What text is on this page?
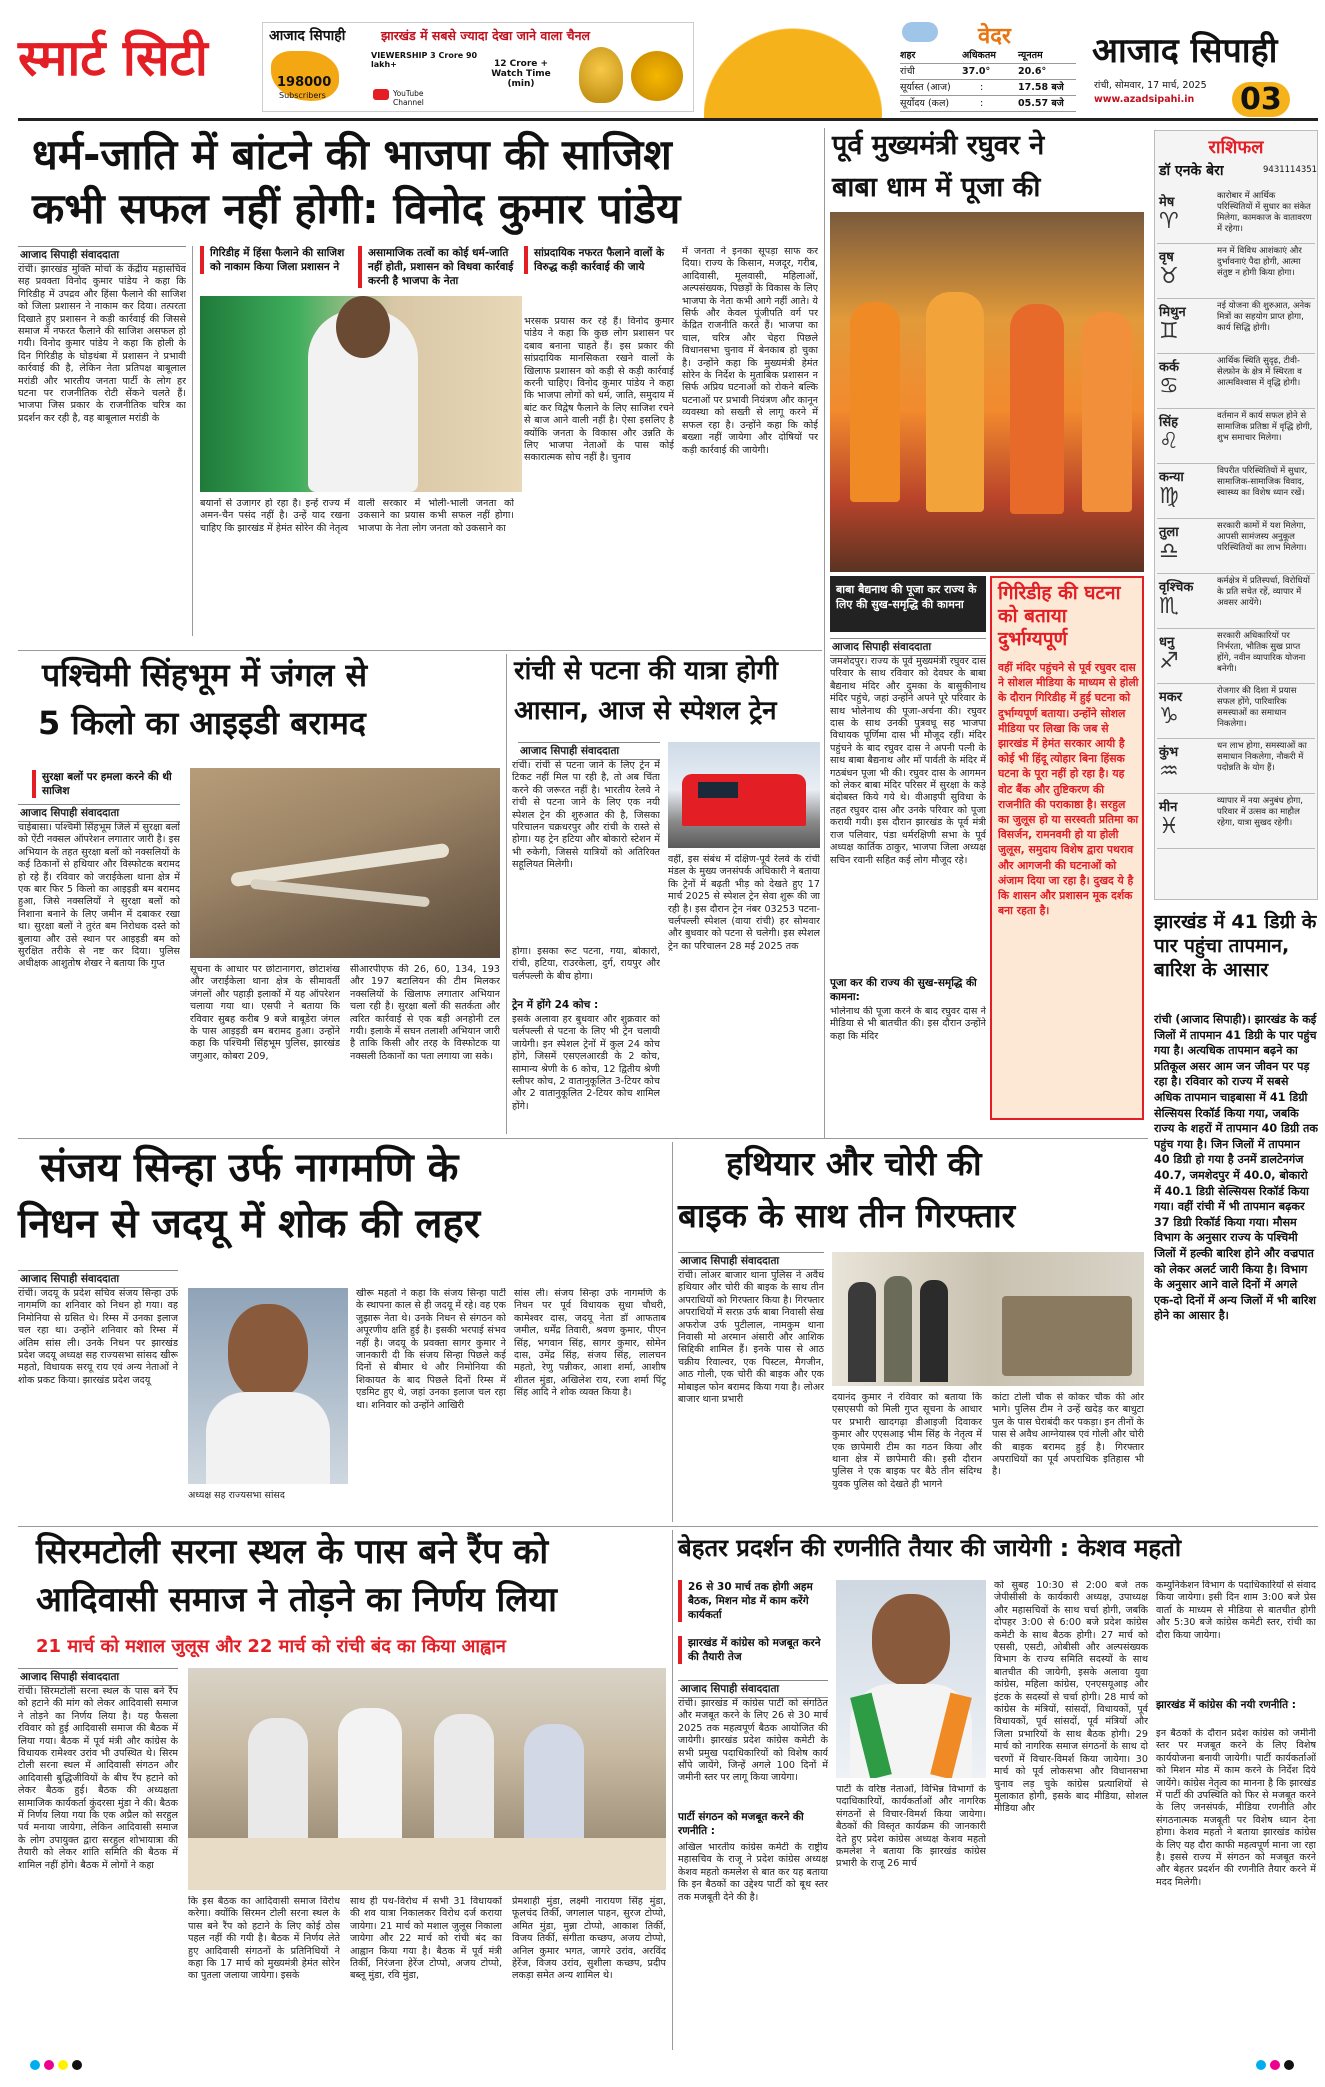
स्मार्ट सिटी	आजाद सिपाही	झारखंड में सबसे ज्यादा देखा जाने वाला चैनल
198000
Subscribers
VIEWERSHIP 3 Crore 90 lakh+	12 Crore + Watch Time (min)
YouTube Channel
वेदर
शहर	अधिकतम	न्यूनतम
रांची	37.0°	20.6°
सूर्यास्त (आज)	:	17.58 बजे
सूर्योदय (कल)	:	05.57 बजे
आजाद सिपाही
रांची, सोमवार, 17 मार्च, 2025
www.azadsipahi.in 03
धर्म-जाति में बांटने की भाजपा की साजिश
कभी सफल नहीं होगी: विनोद कुमार पांडेय
आजाद सिपाही संवाददाता
रांची। झारखंड मुक्ति मोर्चा के केंद्रीय महासचिव सह प्रवक्ता विनोद कुमार पांडेय ने कहा कि गिरिडीह में उपद्रव और हिंसा फैलाने की साजिश को जिला प्रशासन ने नाकाम कर दिया। तत्परता दिखाते हुए प्रशासन ने कड़ी कार्रवाई की जिससे समाज में नफरत फैलाने की साजिश असफल हो गयी। विनोद कुमार पांडेय ने कहा कि होली के दिन गिरिडीह के घोड़थंबा में प्रशासन ने प्रभावी कार्रवाई की है, लेकिन नेता प्रतिपक्ष बाबूलाल मरांडी और भारतीय जनता पार्टी के लोग हर घटना पर राजनीतिक रोटी सेंकने चलते हैं। भाजपा जिस प्रकार के राजनीतिक चरित्र का प्रदर्शन कर रही है, वह बाबूलाल मरांडी के
गिरिडीह में हिंसा फैलाने की साजिश को नाकाम किया जिला प्रशासन ने
असामाजिक तत्वों का कोई धर्म-जाति नहीं होती, प्रशासन को विधवा कार्रवाई करनी है भाजपा के नेता
सांप्रदायिक नफरत फैलाने वालों के विरुद्ध कड़ी कार्रवाई की जाये
बयानों से उजागर हो रहा है। इन्हें राज्य में अमन-चैन पसंद नहीं है। उन्हें याद रखना चाहिए कि झारखंड में हेमंत सोरेन की नेतृत्व
वाली सरकार में भोली-भाली जनता को उकसाने का प्रयास कभी सफल नहीं होगा। भाजपा के नेता लोग जनता को उकसाने का
भरसक प्रयास कर रहे हैं। विनोद कुमार पांडेय ने कहा कि कुछ लोग प्रशासन पर दबाव बनाना चाहते हैं। इस प्रकार की सांप्रदायिक मानसिकता रखने वालों के खिलाफ प्रशासन को कड़ी से कड़ी कार्रवाई करनी चाहिए। विनोद कुमार पांडेय ने कहा कि भाजपा लोगों को धर्म, जाति, समुदाय में बांट कर विद्वेष फैलाने के लिए साजिश रचने से बाज आने वाली नहीं है। ऐसा इसलिए है क्योंकि जनता के विकास और उन्नति के लिए भाजपा नेताओं के पास कोई सकारात्मक सोच नहीं है। चुनाव
में जनता ने इनका सूपड़ा साफ कर दिया। राज्य के किसान, मजदूर, गरीब, आदिवासी, मूलवासी, महिलाओं, अल्पसंख्यक, पिछड़ों के विकास के लिए भाजपा के नेता कभी आगे नहीं आते। ये सिर्फ और केवल पूंजीपति वर्ग पर केंद्रित राजनीति करते हैं। भाजपा का चाल, चरित्र और चेहरा पिछले विधानसभा चुनाव में बेनकाब हो चुका है। उन्होंने कहा कि मुख्यमंत्री हेमंत सोरेन के निर्देश के मुताबिक प्रशासन न सिर्फ अप्रिय घटनाओं को रोकने बल्कि घटनाओं पर प्रभावी नियंत्रण और कानून व्यवस्था को सख्ती से लागू करने में सफल रहा है। उन्होंने कहा कि कोई बख्शा नहीं जायेगा और दोषियों पर कड़ी कार्रवाई की जायेगी।
पूर्व मुख्यमंत्री रघुवर ने
बाबा धाम में पूजा की
बाबा बैद्यनाथ की पूजा कर राज्य के लिए की सुख-समृद्धि की कामना
गिरिडीह की घटना को बताया दुर्भाग्यपूर्ण
वहीं मंदिर पहुंचने से पूर्व रघुवर दास ने सोशल मीडिया के माध्यम से होली के दौरान गिरिडीह में हुई घटना को दुर्भाग्यपूर्ण बताया। उन्होंने सोशल मीडिया पर लिखा कि जब से झारखंड में हेमंत सरकार आयी है कोई भी हिंदू त्योहार बिना हिंसक घटना के पूरा नहीं हो रहा है। यह वोट बैंक और तुष्टिकरण की राजनीति की पराकाष्ठा है। सरहुल का जुलूस हो या सरस्वती प्रतिमा का विसर्जन, रामनवमी हो या होली जुलूस, समुदाय विशेष द्वारा पथराव और आगजनी की घटनाओं को अंजाम दिया जा रहा है। दुखद ये है कि शासन और प्रशासन मूक दर्शक बना रहता है।
आजाद सिपाही संवाददाता
जमशेदपुर। राज्य के पूर्व मुख्यमंत्री रघुवर दास परिवार के साथ रविवार को देवघर के बाबा बैद्यनाथ मंदिर और दुमका के बासुकीनाथ मंदिर पहुंचे, जहां उन्होंने अपने पूरे परिवार के साथ भोलेनाथ की पूजा-अर्चना की। रघुवर दास के साथ उनकी पुत्रवधू सह भाजपा विधायक पूर्णिमा दास भी मौजूद रहीं। मंदिर पहुंचने के बाद रघुवर दास ने अपनी पत्नी के साथ बाबा बैद्यनाथ और माँ पार्वती के मंदिर में गठबंधन पूजा भी की। रघुवर दास के आगमन को लेकर बाबा मंदिर परिसर में सुरक्षा के कड़े बंदोबस्त किये गये थे। वीआइपी सुविधा के तहत रघुवर दास और उनके परिवार को पूजा करायी गयी। इस दौरान झारखंड के पूर्व मंत्री राज पलिवार, पंडा धर्मरक्षिणी सभा के पूर्व अध्यक्ष कार्तिक ठाकुर, भाजपा जिला अध्यक्ष सचिन रवानी सहित कई लोग मौजूद रहे।
पूजा कर की राज्य की सुख-समृद्धि की कामना:
भोलेनाथ की पूजा करने के बाद रघुवर दास ने मीडिया से भी बातचीत की। इस दौरान उन्होंने कहा कि मंदिर
राशिफल
डॉ एनके बेरा	9431114351
मेष
♈
कारोबार में आर्थिक परिस्थितियों में सुधार का संकेत मिलेगा, कामकाज के वातावरण में रहेगा।
वृष
♉
मन में विविध आशंकाएं और दुर्भावनाएं पैदा होगी, आत्मा संतुष्ट न होगी किया होगा।
मिथुन
♊
नई योजना की शुरुआत, अनेक मित्रों का सहयोग प्राप्त होगा, कार्य सिद्धि होगी।
कर्क
♋
आर्थिक स्थिति सुदृढ़, टीवी-सेल्फ़ोन के क्षेत्र में स्थिरता व आत्मविश्वास में वृद्धि होगी।
सिंह
♌
वर्तमान में कार्य सफल होने से सामाजिक प्रतिष्ठा में वृद्धि होगी, शुभ समाचार मिलेगा।
कन्या
♍
विपरीत परिस्थितियों में सुधार, सामाजिक-सामाजिक विवाद, स्वास्थ्य का विशेष ध्यान रखें।
तुला
♎
सरकारी कामों में यश मिलेगा, आपसी सामंजस्य अनुकूल परिस्थितियों का लाभ मिलेगा।
वृश्चिक
♏
कर्मक्षेत्र में प्रतिस्पर्धा, विरोधियों के प्रति सचेत रहें, व्यापार में अवसर आयेंगे।
धनु
♐
सरकारी अधिकारियों पर निर्भरता, भौतिक सुख प्राप्त होंगे, नवीन व्यापारिक योजना बनेगी।
मकर
♑
रोजगार की दिशा में प्रयास सफल होंगे, पारिवारिक समस्याओं का समाधान निकलेगा।
कुंभ
♒
धन लाभ होगा, समस्याओं का समाधान निकलेगा, नौकरी में पदोन्नति के योग हैं।
मीन
♓
व्यापार में नया अनुबंध होगा, परिवार में उत्सव का माहौल रहेगा, यात्रा सुखद रहेगी।
झारखंड में 41 डिग्री के पार पहुंचा तापमान, बारिश के आसार
रांची (आजाद सिपाही)। झारखंड के कई जिलों में तापमान 41 डिग्री के पार पहुंच गया है। अत्यधिक तापमान बढ़ने का प्रतिकूल असर आम जन जीवन पर पड़ रहा है। रविवार को राज्य में सबसे अधिक तापमान चाइबासा में 41 डिग्री सेल्सियस रिकॉर्ड किया गया, जबकि राज्य के शहरों में तापमान 40 डिग्री तक पहुंच गया है। जिन जिलों में तापमान 40 डिग्री हो गया है उनमें डालटेनगंज 40.7, जमशेदपुर में 40.0, बोकारो में 40.1 डिग्री सेल्सियस रिकॉर्ड किया गया। वहीं रांची में भी तापमान बढ़कर 37 डिग्री रिकॉर्ड किया गया। मौसम विभाग के अनुसार राज्य के पश्चिमी जिलों में हल्की बारिश होने और वज्रपात को लेकर अलर्ट जारी किया है। विभाग के अनुसार आने वाले दिनों में अगले एक-दो दिनों में अन्य जिलों में भी बारिश होने का आसार है।
पश्चिमी सिंहभूम में जंगल से
5 किलो का आइइडी बरामद
सुरक्षा बलों पर हमला करने की थी साजिश
आजाद सिपाही संवाददाता
चाईबासा। पश्चिमी सिंहभूम जिले में सुरक्षा बलों को ऐंटी नक्सल ऑपरेशन लगातार जारी है। इस अभियान के तहत सुरक्षा बलों को नक्सलियों के कई ठिकानों से हथियार और विस्फोटक बरामद हो रहे हैं। रविवार को जराईकेला थाना क्षेत्र में एक बार फिर 5 किलो का आइइडी बम बरामद हुआ, जिसे नक्सलियों ने सुरक्षा बलों को निशाना बनाने के लिए जमीन में दबाकर रखा था। सुरक्षा बलों ने तुरंत बम निरोधक दस्ते को बुलाया और उसे स्थान पर आइइडी बम को सुरक्षित तरीके से नष्ट कर दिया। पुलिस अधीक्षक आशुतोष शेखर ने बताया कि गुप्त
सूचना के आधार पर छोटानागरा, छोटाशंख और जराईकेला थाना क्षेत्र के सीमावर्ती जंगलों और पहाड़ी इलाकों में यह ऑपरेशन चलाया गया था। एसपी ने बताया कि रविवार सुबह करीब 9 बजे बाबूडेरा जंगल के पास आइइडी बम बरामद हुआ। उन्होंने कहा कि पश्चिमी सिंहभूम पुलिस, झारखंड जगुआर, कोबरा 209,
सीआरपीएफ की 26, 60, 134, 193 और 197 बटालियन की टीम मिलकर नक्सलियों के खिलाफ लगातार अभियान चला रही है। सुरक्षा बलों की सतर्कता और त्वरित कार्रवाई से एक बड़ी अनहोनी टल गयी। इलाके में सघन तलाशी अभियान जारी है ताकि किसी और तरह के विस्फोटक या नक्सली ठिकानों का पता लगाया जा सके।
रांची से पटना की यात्रा होगी
आसान, आज से स्पेशल ट्रेन
आजाद सिपाही संवाददाता
रांची। रांची से पटना जाने के लिए ट्रेन में टिकट नहीं मिल पा रही है, तो अब चिंता करने की जरूरत नहीं है। भारतीय रेलवे ने रांची से पटना जाने के लिए एक नयी स्पेशल ट्रेन की शुरुआत की है, जिसका परिचालन चक्रधरपुर और रांची के रास्ते से होगा। यह ट्रेन हटिया और बोकारो स्टेशन में भी रुकेगी, जिससे यात्रियों को अतिरिक्त सहूलियत मिलेगी।
होगा। इसका रूट पटना, गया, बोकारो, रांची, हटिया, राउरकेला, दुर्ग, रायपुर और चर्लपल्ली के बीच होगा।
ट्रेन में होंगे 24 कोच :
इसके अलावा हर बुधवार और शुक्रवार को चर्लपल्ली से पटना के लिए भी ट्रेन चलायी जायेगी। इन स्पेशल ट्रेनों में कुल 24 कोच होंगे, जिसमें एसएलआरडी के 2 कोच, सामान्य श्रेणी के 6 कोच, 12 द्वितीय श्रेणी स्लीपर कोच, 2 वातानुकूलित 3-टियर कोच और 2 वातानुकूलित 2-टियर कोच शामिल होंगे।
वहीं, इस संबंध में दक्षिण-पूर्व रेलवे के रांची मंडल के मुख्य जनसंपर्क अधिकारी ने बताया कि ट्रेनों में बढ़ती भीड़ को देखते हुए 17 मार्च 2025 से स्पेशल ट्रेन सेवा शुरू की जा रही है। इस दौरान ट्रेन नंबर 03253 पटना-चर्लपल्ली स्पेशल (वाया रांची) हर सोमवार और बुधवार को पटना से चलेगी। इस स्पेशल ट्रेन का परिचालन 28 मई 2025 तक
संजय सिन्हा उर्फ नागमणि के
निधन से जदयू में शोक की लहर
आजाद सिपाही संवाददाता
रांची। जदयू के प्रदेश सचिव संजय सिन्हा उर्फ नागमणि का शनिवार को निधन हो गया। वह निमोनिया से ग्रसित थे। रिम्स में उनका इलाज चल रहा था। उन्होंने शनिवार को रिम्स में अंतिम सांस ली। उनके निधन पर झारखंड प्रदेश जदयू अध्यक्ष सह राज्यसभा सांसद खीरू महतो, विधायक सरयू राय एवं अन्य नेताओं ने शोक प्रकट किया। झारखंड प्रदेश जदयू
अध्यक्ष सह राज्यसभा सांसद
खीरू महतो ने कहा कि संजय सिन्हा पार्टी के स्थापना काल से ही जदयू में रहे। वह एक जुझारू नेता थे। उनके निधन से संगठन को अपूरणीय क्षति हुई है। इसकी भरपाई संभव नहीं है। जदयू के प्रवक्ता सागर कुमार ने जानकारी दी कि संजय सिन्हा पिछले कई दिनों से बीमार थे और निमोनिया की शिकायत के बाद पिछले दिनों रिम्स में एडमिट हुए थे, जहां उनका इलाज चल रहा था। शनिवार को उन्होंने आखिरी
सांस ली। संजय सिन्हा उर्फ नागमणि के निधन पर पूर्व विधायक सुधा चौधरी, कामेश्वर दास, जदयू नेता डॉ आफताब जमील, धर्मेंद्र तिवारी, श्रवण कुमार, पीएन सिंह, भगवान सिंह, सागर कुमार, सोमेन दास, उमेंद्र सिंह, संजय सिंह, लालचन महतो, रेणु पन्नीकर, आशा शर्मा, आशीष शीतल मुंडा, अखिलेश राय, रजा शर्मा पिंटू सिंह आदि ने शोक व्यक्त किया है।
हथियार और चोरी की
बाइक के साथ तीन गिरफ्तार
आजाद सिपाही संवाददाता
रांची। लोअर बाजार थाना पुलिस ने अवैध हथियार और चोरी की बाइक के साथ तीन अपराधियों को गिरफ्तार किया है। गिरफ्तार अपराधियों में सरफ़ उर्फ बाबा निवासी सेख अफरोज उर्फ पुटीलाल, नामकुम थाना निवासी मो अरमान अंसारी और आशिक सिद्दिकी शामिल हैं। इनके पास से आठ चक्रीय रिवाल्वर, एक पिस्टल, मैगजीन, आठ गोली, एक चोरी की बाइक और एक मोबाइल फोन बरामद किया गया है। लोअर बाजार थाना प्रभारी	दयानंद कुमार ने रविवार को बताया कि एसएसपी को मिली गुप्त सूचना के आधार पर प्रभारी खादगढ़ा डीआइजी दिवाकर कुमार और एएसआइ भीम सिंह के नेतृत्व में एक छापेमारी टीम का गठन किया और थाना क्षेत्र में छापेमारी की। इसी दौरान पुलिस ने एक बाइक पर बैठे तीन संदिग्ध युवक पुलिस को देखते ही भागने
कांटा टोली चौक से कोकर चौक की ओर भागे। पुलिस टीम ने उन्हें खदेड़ कर बाधुटा पुल के पास घेराबंदी कर पकड़ा। इन तीनों के पास से अवैध आग्नेयास्त्र एवं गोली और चोरी की बाइक बरामद हुई है। गिरफ्तार अपराधियों का पूर्व अपराधिक इतिहास भी है।
सिरमटोली सरना स्थल के पास बने रैंप को
आदिवासी समाज ने तोड़ने का निर्णय लिया
21 मार्च को मशाल जुलूस और 22 मार्च को रांची बंद का किया आह्वान
आजाद सिपाही संवाददाता
रांची। सिरमटोली सरना स्थल के पास बने रैंप को हटाने की मांग को लेकर आदिवासी समाज ने तोड़ने का निर्णय लिया है। यह फैसला रविवार को हुई आदिवासी समाज की बैठक में लिया गया। बैठक में पूर्व मंत्री और कांग्रेस के विधायक रामेश्वर उरांव भी उपस्थित थे। सिरम टोली सरना स्थल में आदिवासी संगठन और आदिवासी बुद्धिजीवियों के बीच रैंप हटाने को लेकर बैठक हुई। बैठक की अध्यक्षता सामाजिक कार्यकर्ता कुंदरसा मुंडा ने की। बैठक में निर्णय लिया गया कि एक अप्रैल को सरहुल पर्व मनाया जायेगा, लेकिन आदिवासी समाज के लोग उपायुक्त द्वारा सरहुल शोभायात्रा की तैयारी को लेकर शांति समिति की बैठक में शामिल नहीं होंगे। बैठक में लोगों ने कहा
कि इस बैठक का आदिवासी समाज विरोध करेगा। क्योंकि सिरमन टोली सरना स्थल के पास बने रैंप को हटाने के लिए कोई ठोस पहल नहीं की गयी है। बैठक में निर्णय लेते हुए आदिवासी संगठनों के प्रतिनिधियों ने कहा कि 17 मार्च को मुख्यमंत्री हेमंत सोरेन का पुतला जलाया जायेगा। इसके
साथ ही पथ-विरोध में सभी 31 विधायकों की शव यात्रा निकालकर विरोध दर्ज कराया जायेगा। 21 मार्च को मशाल जुलूस निकाला जायेगा और 22 मार्च को रांची बंद का आह्वान किया गया है। बैठक में पूर्व मंत्री तिर्की, निरंजना हेरेंज टोप्पो, अजय टोप्पो, बब्लू मुंडा, रवि मुंडा,
प्रेमशाही मुंडा, लक्ष्मी नारायण सिंह मुंडा, फूलचंद तिर्की, जगलाल पाहन, सुरज टोप्पो, अमित मुंडा, मुन्ना टोप्पो, आकाश तिर्की, विजय तिर्की, संगीता कच्छप, अजय टोप्पो, अनिल कुमार भगत, जागरे उरांव, अरविंद हेरेंज, विजय उरांव, सुशीला कच्छप, प्रदीप लकड़ा समेत अन्य शामिल थे।
बेहतर प्रदर्शन की रणनीति तैयार की जायेगी : केशव महतो
26 से 30 मार्च तक होगी अहम बैठक, मिशन मोड में काम करेंगे कार्यकर्ता
झारखंड में कांग्रेस को मजबूत करने की तैयारी तेज
आजाद सिपाही संवाददाता
रांची। झारखंड में कांग्रेस पार्टी को संगठित और मजबूत करने के लिए 26 से 30 मार्च 2025 तक महत्वपूर्ण बैठक आयोजित की जायेगी। झारखंड प्रदेश कांग्रेस कमेटी के सभी प्रमुख पदाधिकारियों को विशेष कार्य सौंपे जायेंगे, जिन्हें अगले 100 दिनों में जमीनी स्तर पर लागू किया जायेगा।
पार्टी संगठन को मजबूत करने की रणनीति :
अखिल भारतीय कांग्रेस कमेटी के राष्ट्रीय महासचिव के राजू ने प्रदेश कांग्रेस अध्यक्ष केशव महतो कमलेश से बात कर यह बताया कि इन बैठकों का उद्देश्य पार्टी को बूथ स्तर तक मजबूती देने की है।
पार्टी के वरिष्ठ नेताओं, विभिन्न विभागों के पदाधिकारियों, कार्यकर्ताओं और नागरिक संगठनों से विचार-विमर्श किया जायेगा। बैठकों की विस्तृत कार्यक्रम की जानकारी देते हुए प्रदेश कांग्रेस अध्यक्ष केशव महतो कमलेश ने बताया कि झारखंड कांग्रेस प्रभारी के राजू 26 मार्च
को सुबह 10:30 से 2:00 बजे तक जेपीसीसी के कार्यकारी अध्यक्ष, उपाध्यक्ष और महासचिवों के साथ चर्चा होगी, जबकि दोपहर 3:00 से 6:00 बजे प्रदेश कांग्रेस कमेटी के साथ बैठक होगी। 27 मार्च को एससी, एसटी, ओबीसी और अल्पसंख्यक विभाग के राज्य समिति सदस्यों के साथ बातचीत की जायेगी, इसके अलावा युवा कांग्रेस, महिला कांग्रेस, एनएसयूआइ और इंटक के सदस्यों से चर्चा होगी। 28 मार्च को कांग्रेस के मंत्रियों, सांसदों, विधायकों, पूर्व विधायकों, पूर्व सांसदों, पूर्व मंत्रियों और जिला प्रभारियों के साथ बैठक होगी। 29 मार्च को नागरिक समाज संगठनों के साथ दो चरणों में विचार-विमर्श किया जायेगा। 30 मार्च को पूर्व लोकसभा और विधानसभा चुनाव लड़ चुके कांग्रेस प्रत्याशियों से मुलाकात होगी, इसके बाद मीडिया, सोशल मीडिया और
कम्युनिकेशन विभाग के पदाधिकारियों से संवाद किया जायेगा। इसी दिन शाम 3:00 बजे प्रेस वार्ता के माध्यम से मीडिया से बातचीत होगी और 5:30 बजे कांग्रेस कमेटी स्तर, रांची का दौरा किया जायेगा।
झारखंड में कांग्रेस की नयी रणनीति :
इन बैठकों के दौरान प्रदेश कांग्रेस को जमीनी स्तर पर मजबूत करने के लिए विशेष कार्ययोजना बनायी जायेगी। पार्टी कार्यकर्ताओं को मिशन मोड में काम करने के निर्देश दिये जायेंगे। कांग्रेस नेतृत्व का मानना है कि झारखंड में पार्टी की उपस्थिति को फिर से मजबूत करने के लिए जनसंपर्क, मीडिया रणनीति और संगठनात्मक मजबूती पर विशेष ध्यान देना होगा। केशव महतो ने बताया झारखंड कांग्रेस के लिए यह दौरा काफी महत्वपूर्ण माना जा रहा है। इससे राज्य में संगठन को मजबूत करने और बेहतर प्रदर्शन की रणनीति तैयार करने में मदद मिलेगी।
